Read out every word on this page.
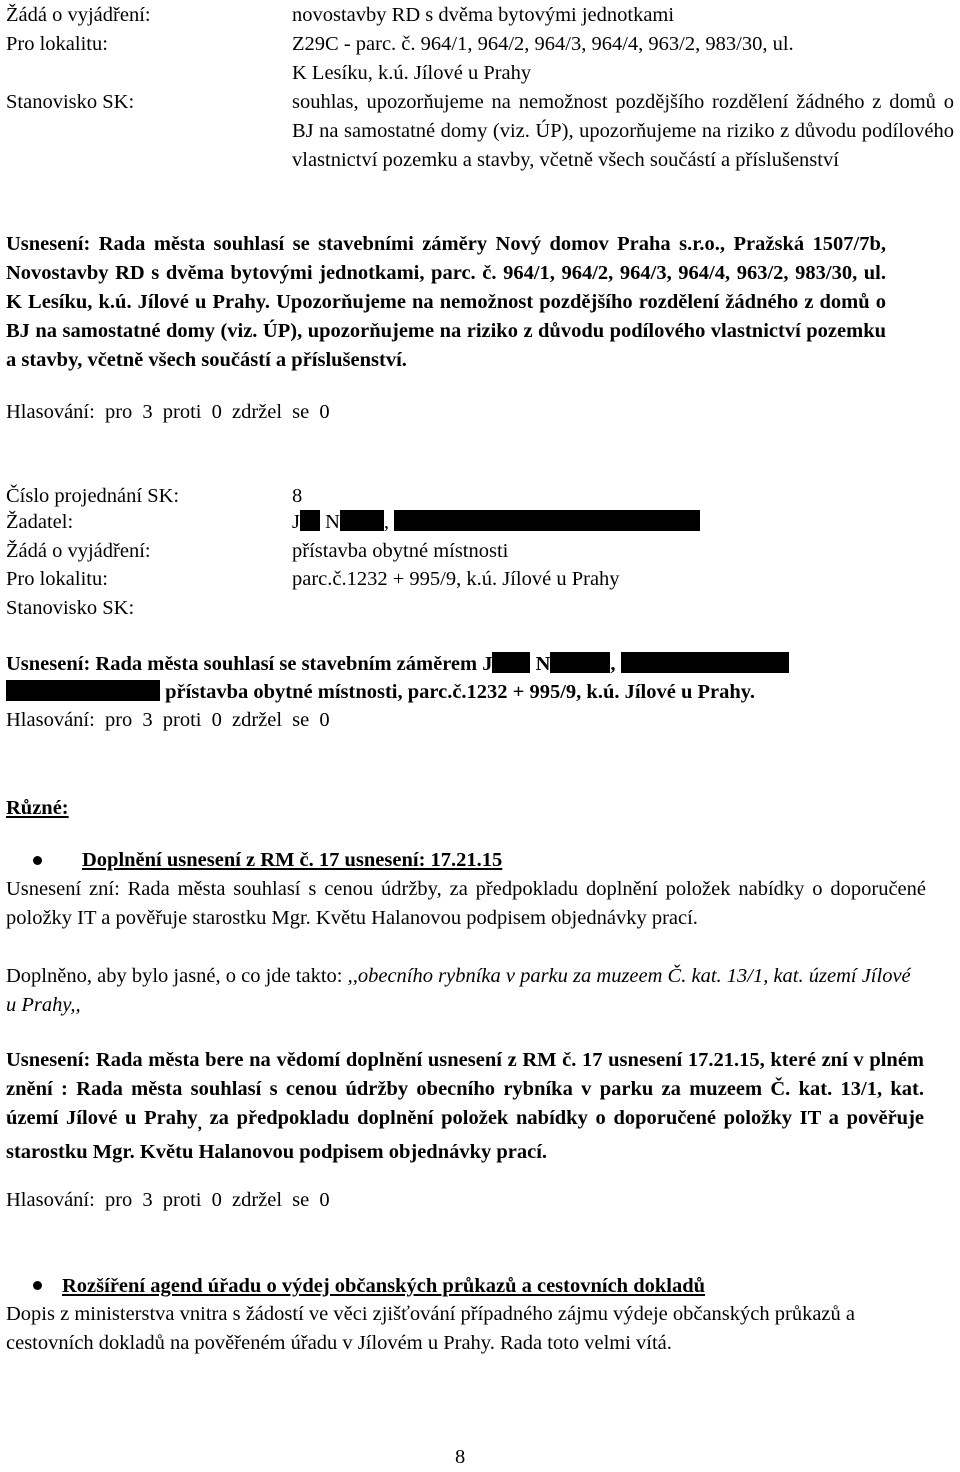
Žádá o vyjádření:	novostavby RD s dvěma bytovými jednotkami
Pro lokalitu:	Z29C - parc. č. 964/1, 964/2, 964/3, 964/4, 963/2, 983/30, ul.
K Lesíku, k.ú. Jílové u Prahy
Stanovisko SK:	souhlas, upozorňujeme na nemožnost pozdějšího rozdělení žádného z domů o BJ na samostatné domy (viz. ÚP), upozorňujeme na riziko z důvodu podílového vlastnictví pozemku a stavby, včetně všech součástí a příslušenství
Usnesení: Rada města souhlasí se stavebními záměry Nový domov Praha s.r.o., Pražská 1507/7b, Novostavby RD s dvěma bytovými jednotkami, parc. č. 964/1, 964/2, 964/3, 964/4, 963/2, 983/30, ul. K Lesíku, k.ú. Jílové u Prahy. Upozorňujeme na nemožnost pozdějšího rozdělení žádného z domů o BJ na samostatné domy (viz. ÚP), upozorňujeme na riziko z důvodu podílového vlastnictví pozemku a stavby, včetně všech součástí a příslušenství.
Hlasování: pro 3 proti 0 zdržel se 0
Číslo projednání SK:	8
Žadatel:	J N ,
Žádá o vyjádření:	přístavba obytné místnosti
Pro lokalitu:	parc.č.1232 + 995/9, k.ú. Jílové u Prahy
Stanovisko SK:
Usnesení: Rada města souhlasí se stavebním záměrem J N	,
přístavba obytné místnosti, parc.č.1232 + 995/9, k.ú. Jílové u Prahy.
Hlasování: pro 3 proti 0 zdržel se 0
Různé:
Doplnění usnesení z RM č. 17 usnesení: 17.21.15
Usnesení zní: Rada města souhlasí s cenou údržby, za předpokladu doplnění položek nabídky o doporučené položky IT a pověřuje starostku Mgr. Květu Halanovou podpisem objednávky prací.
Doplněno, aby bylo jasné, o co jde takto: ,,obecního rybníka v parku za muzeem Č. kat. 13/1, kat. území Jílové u Prahy,,
Usnesení: Rada města bere na vědomí doplnění usnesení z RM č. 17 usnesení 17.21.15, které zní v plném znění : Rada města souhlasí s cenou údržby obecního rybníka v parku za muzeem Č. kat. 13/1, kat. území Jílové u Prahy$_,$ za předpokladu doplnění položek nabídky o doporučené položky IT a pověřuje starostku Mgr. Květu Halanovou podpisem objednávky prací.
Hlasování: pro 3 proti 0 zdržel se 0
Rozšíření agend úřadu o výdej občanských průkazů a cestovních dokladů
Dopis z ministerstva vnitra s žádostí ve věci zjišťování případného zájmu výdeje občanských průkazů a cestovních dokladů na pověřeném úřadu v Jílovém u Prahy. Rada toto velmi vítá.
8
